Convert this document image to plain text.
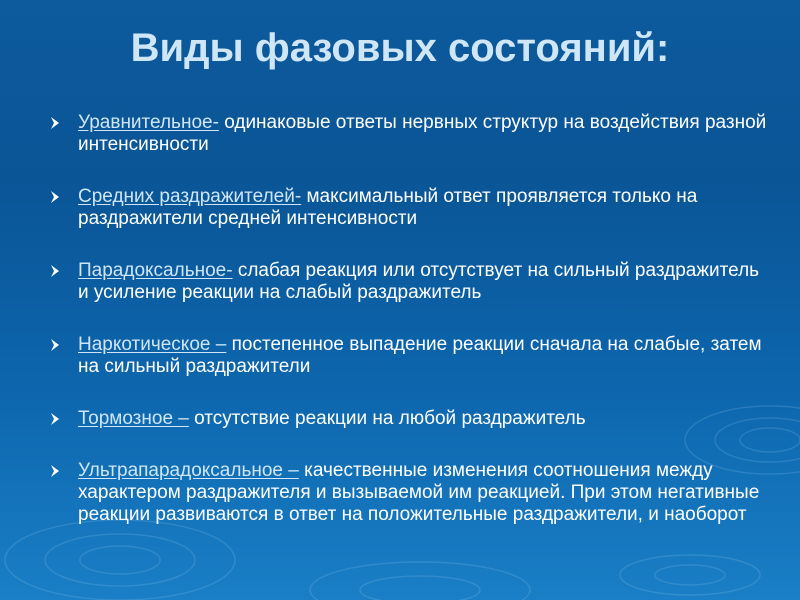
Виды фазовых состояний:
Уравнительное- одинаковые ответы нервных структур на воздействия разной интенсивности
Средних раздражителей- максимальный ответ проявляется только на раздражители средней интенсивности
Парадоксальное- слабая реакция или отсутствует на сильный раздражитель и усиление реакции на слабый раздражитель
Наркотическое – постепенное выпадение реакции сначала на слабые, затем на сильный раздражители
Тормозное – отсутствие реакции на любой раздражитель
Ультрапарадоксальное – качественные изменения соотношения между характером раздражителя и вызываемой им реакцией. При этом негативные реакции развиваются в ответ на положительные раздражители, и наоборот
